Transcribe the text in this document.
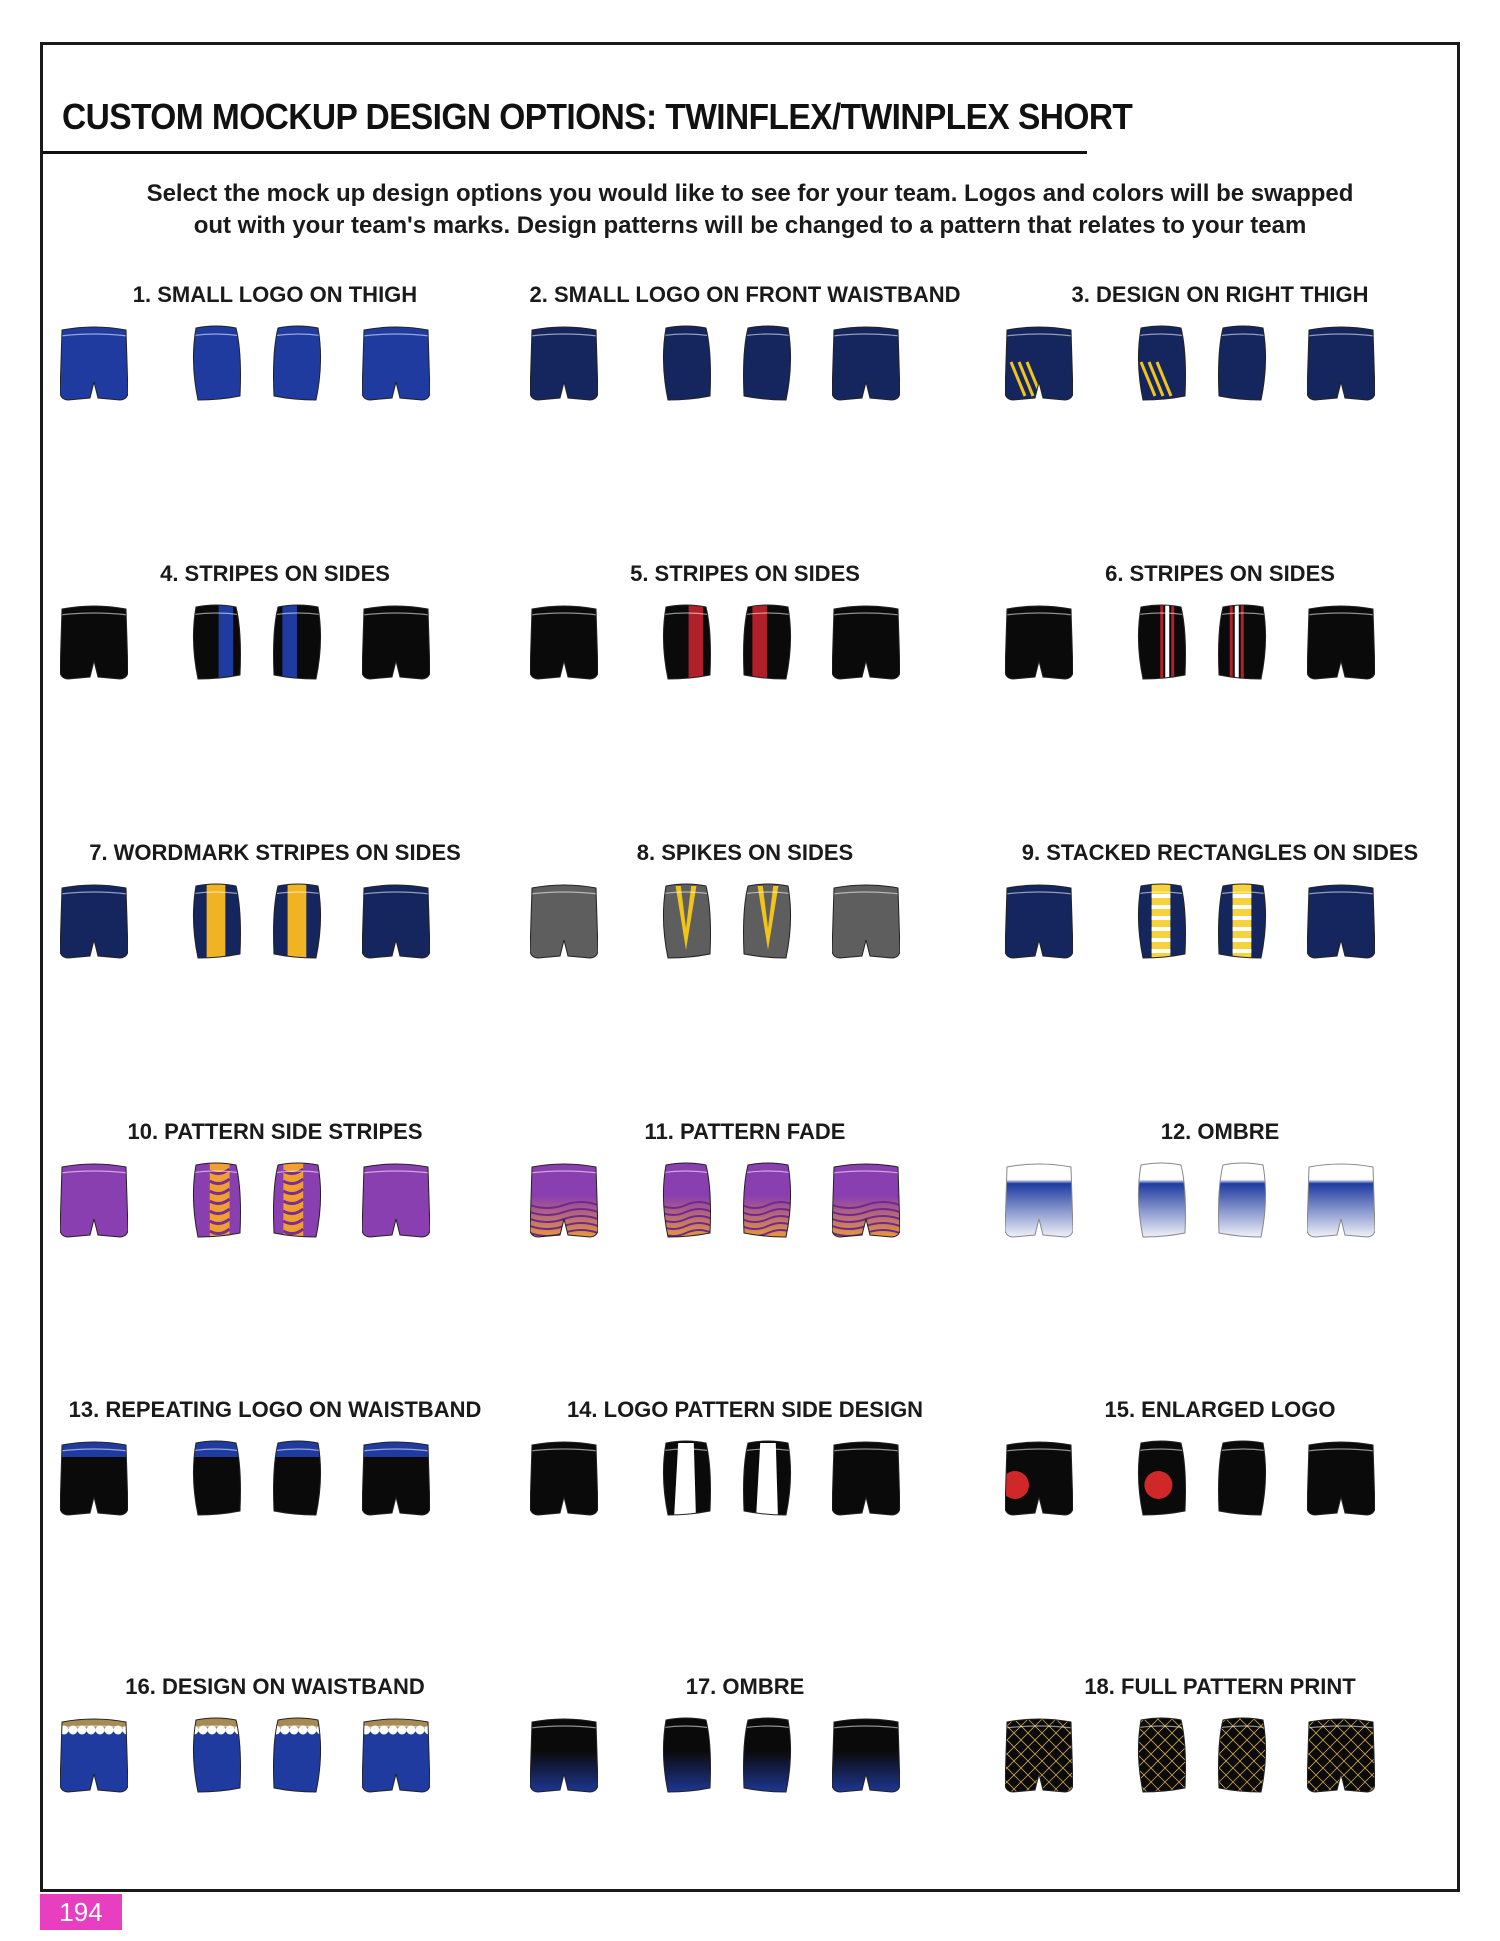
CUSTOM MOCKUP DESIGN OPTIONS: TWINFLEX/TWINPLEX SHORT
Select the mock up design options you would like to see for your team. Logos and colors will be swapped
out with your team's marks. Design patterns will be changed to a pattern that relates to your team
1. SMALL LOGO ON THIGH	2. SMALL LOGO ON FRONT WAISTBAND	3. DESIGN ON RIGHT THIGH
4. STRIPES ON SIDES	5. STRIPES ON SIDES	6. STRIPES ON SIDES
7. WORDMARK STRIPES ON SIDES	8. SPIKES ON SIDES	9. STACKED RECTANGLES ON SIDES
10. PATTERN SIDE STRIPES	11. PATTERN FADE	12. OMBRE
13. REPEATING LOGO ON WAISTBAND	14. LOGO PATTERN SIDE DESIGN	15. ENLARGED LOGO
16. DESIGN ON WAISTBAND	17. OMBRE	18. FULL PATTERN PRINT
194
